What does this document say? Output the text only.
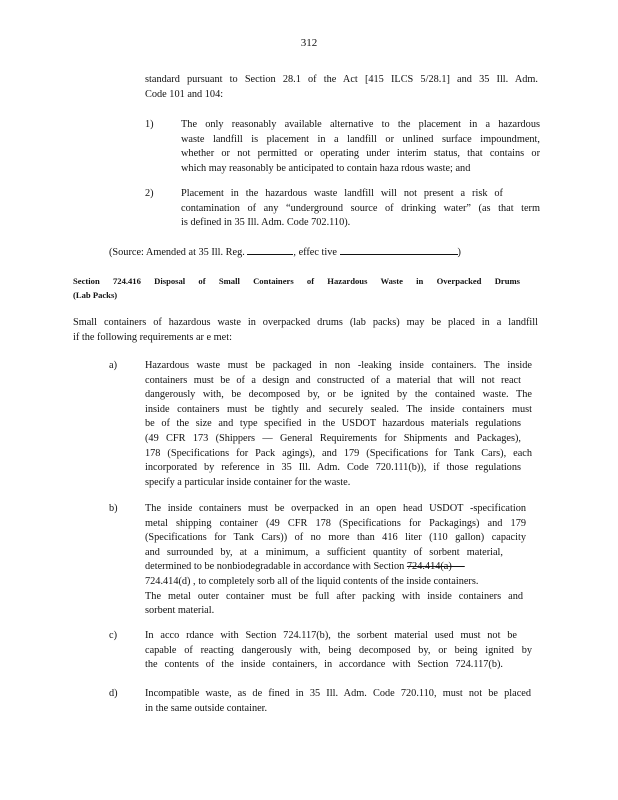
312
standard pursuant to Section 28.1 of the Act [415 ILCS 5/28.1] and 35 Ill. Adm.
Code 101 and 104:
1)	The only reasonably available alternative to the placement in a hazardous
waste landfill is placement in a landfill or unlined surface impoundment,
whether or not permitted or operating under interim status, that contains or
which may reasonably be anticipated to contain haza rdous waste; and
2)	Placement in the hazardous waste landfill will not present a risk of
contamination of any “underground source of drinking water” (as that term
is defined in 35 Ill. Adm. Code 702.110).
(Source: Amended at 35 Ill. Reg.	, effec tive	)
Section 724.416 Disposal of Small Containers of Hazardous Waste in Overpacked Drums
(Lab Packs)
Small containers of hazardous waste in overpacked drums (lab packs) may be placed in a landfill
if the following requirements ar e met:
a)	Hazardous waste must be packaged in non -leaking inside containers. The inside
containers must be of a design and constructed of a material that will not react
dangerously with, be decomposed by, or be ignited by the contained waste. The
inside containers must be tightly and securely sealed. The inside containers must
be of the size and type specified in the USDOT hazardous materials regulations
(49 CFR 173 (Shippers — General Requirements for Shipments and Packages),
178 (Specifications for Pack agings), and 179 (Specifications for Tank Cars), each
incorporated by reference in 35 Ill. Adm. Code 720.111(b)), if those regulations
specify a particular inside container for the waste.
b)	The inside containers must be overpacked in an open head USDOT -specification
metal shipping container (49 CFR 178 (Specifications for Packagings) and 179
(Specifications for Tank Cars)) of no more than 416 liter (110 gallon) capacity
and surrounded by, at a minimum, a sufficient quantity of sorbent material,
determined to be nonbiodegradable in accordance with Section 724.414(a) —
724.414(d) , to completely sorb all of the liquid contents of the inside containers.
The metal outer container must be full after packing with inside containers and
sorbent material.
c)	In acco rdance with Section 724.117(b), the sorbent material used must not be
capable of reacting dangerously with, being decomposed by, or being ignited by
the contents of the inside containers, in accordance with Section 724.117(b).
d)	Incompatible waste, as de fined in 35 Ill. Adm. Code 720.110, must not be placed
in the same outside container.
